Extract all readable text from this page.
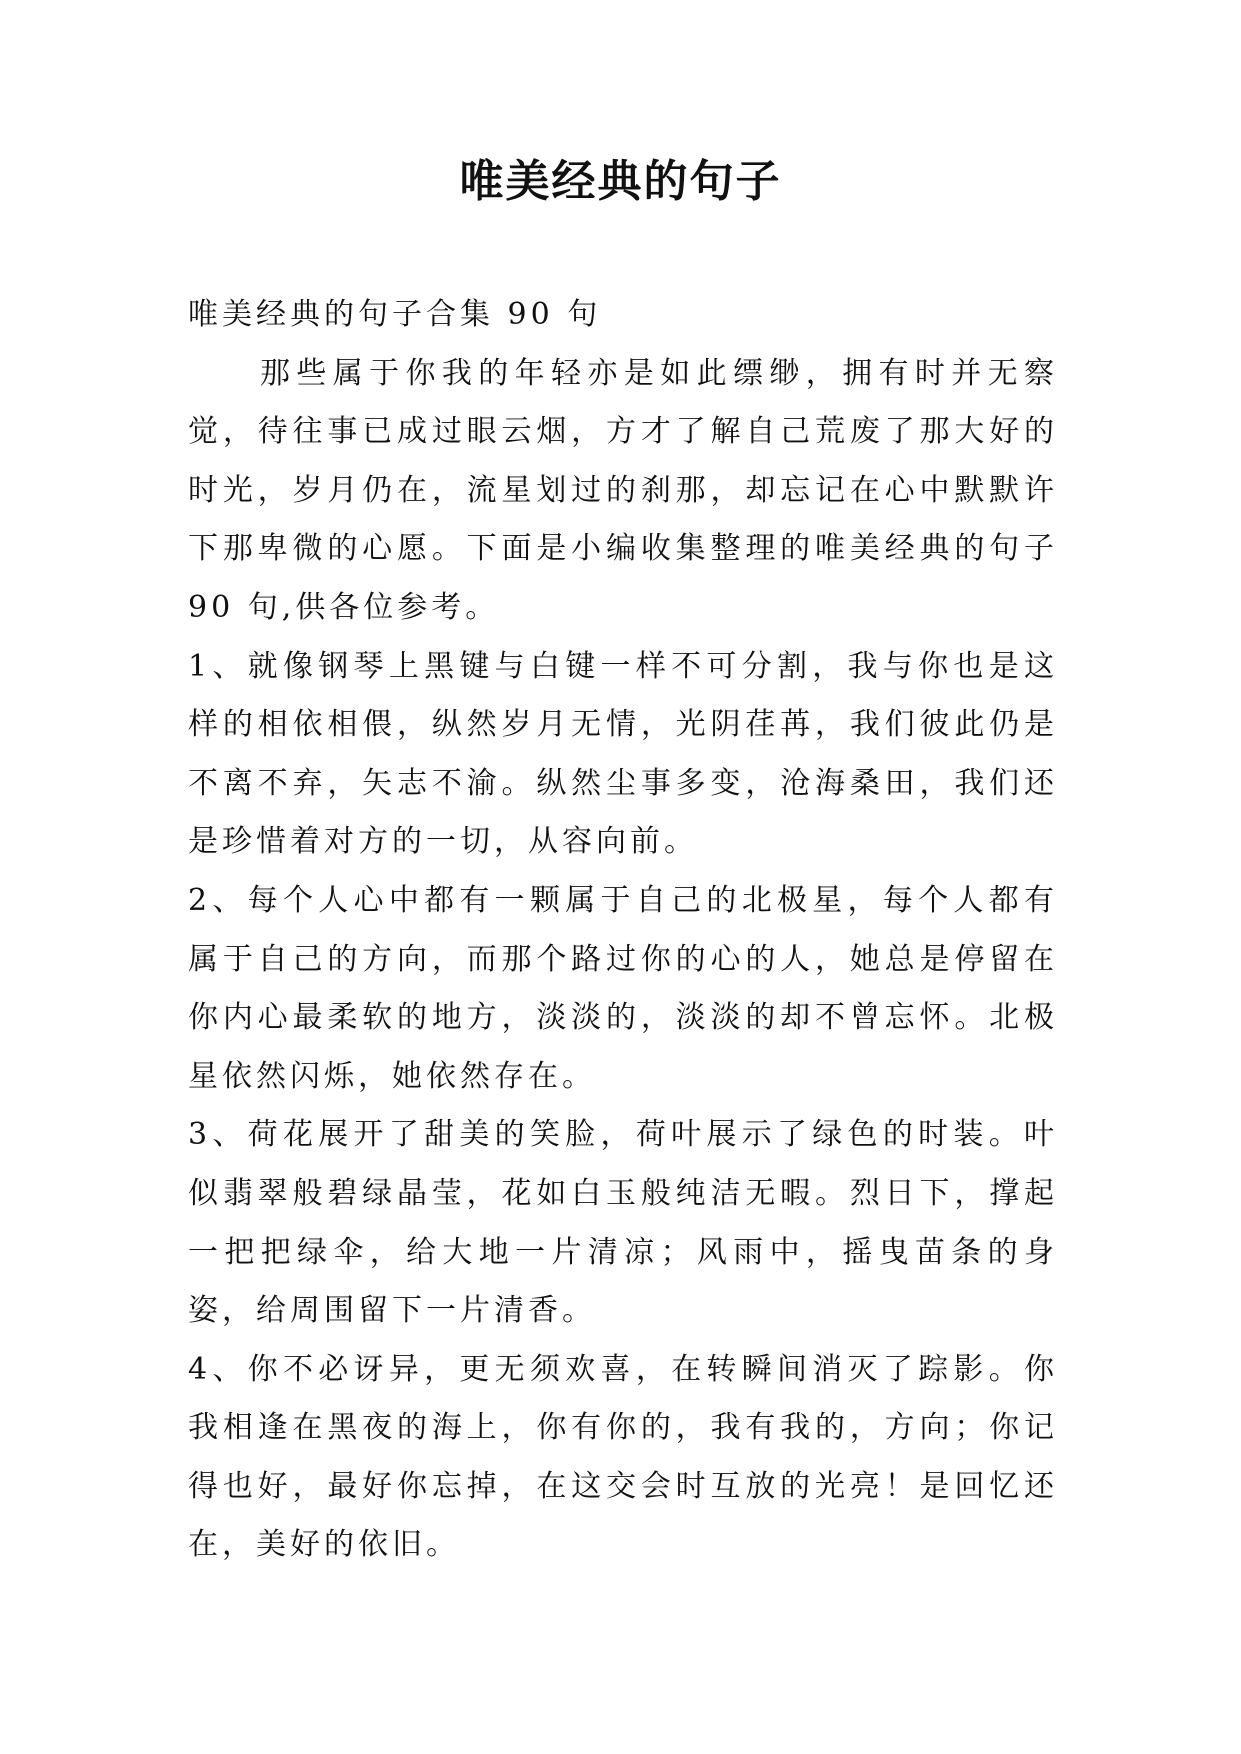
唯美经典的句子

唯美经典的句子合集 90 句

那些属于你我的年轻亦是如此缥缈，拥有时并无察觉，待往事已成过眼云烟，方才了解自己荒废了那大好的时光，岁月仍在，流星划过的刹那，却忘记在心中默默许下那卑微的心愿。下面是小编收集整理的唯美经典的句子 90 句,供各位参考。

1、就像钢琴上黑键与白键一样不可分割，我与你也是这样的相依相偎，纵然岁月无情，光阴荏苒，我们彼此仍是不离不弃，矢志不渝。纵然尘事多变，沧海桑田，我们还是珍惜着对方的一切，从容向前。

2、每个人心中都有一颗属于自己的北极星，每个人都有属于自己的方向，而那个路过你的心的人，她总是停留在你内心最柔软的地方，淡淡的，淡淡的却不曾忘怀。北极星依然闪烁，她依然存在。

3、荷花展开了甜美的笑脸，荷叶展示了绿色的时装。叶似翡翠般碧绿晶莹，花如白玉般纯洁无暇。烈日下，撑起一把把绿伞，给大地一片清凉；风雨中，摇曳苗条的身姿，给周围留下一片清香。

4、你不必讶异，更无须欢喜，在转瞬间消灭了踪影。你我相逢在黑夜的海上，你有你的，我有我的，方向；你记得也好，最好你忘掉，在这交会时互放的光亮！是回忆还在，美好的依旧。
